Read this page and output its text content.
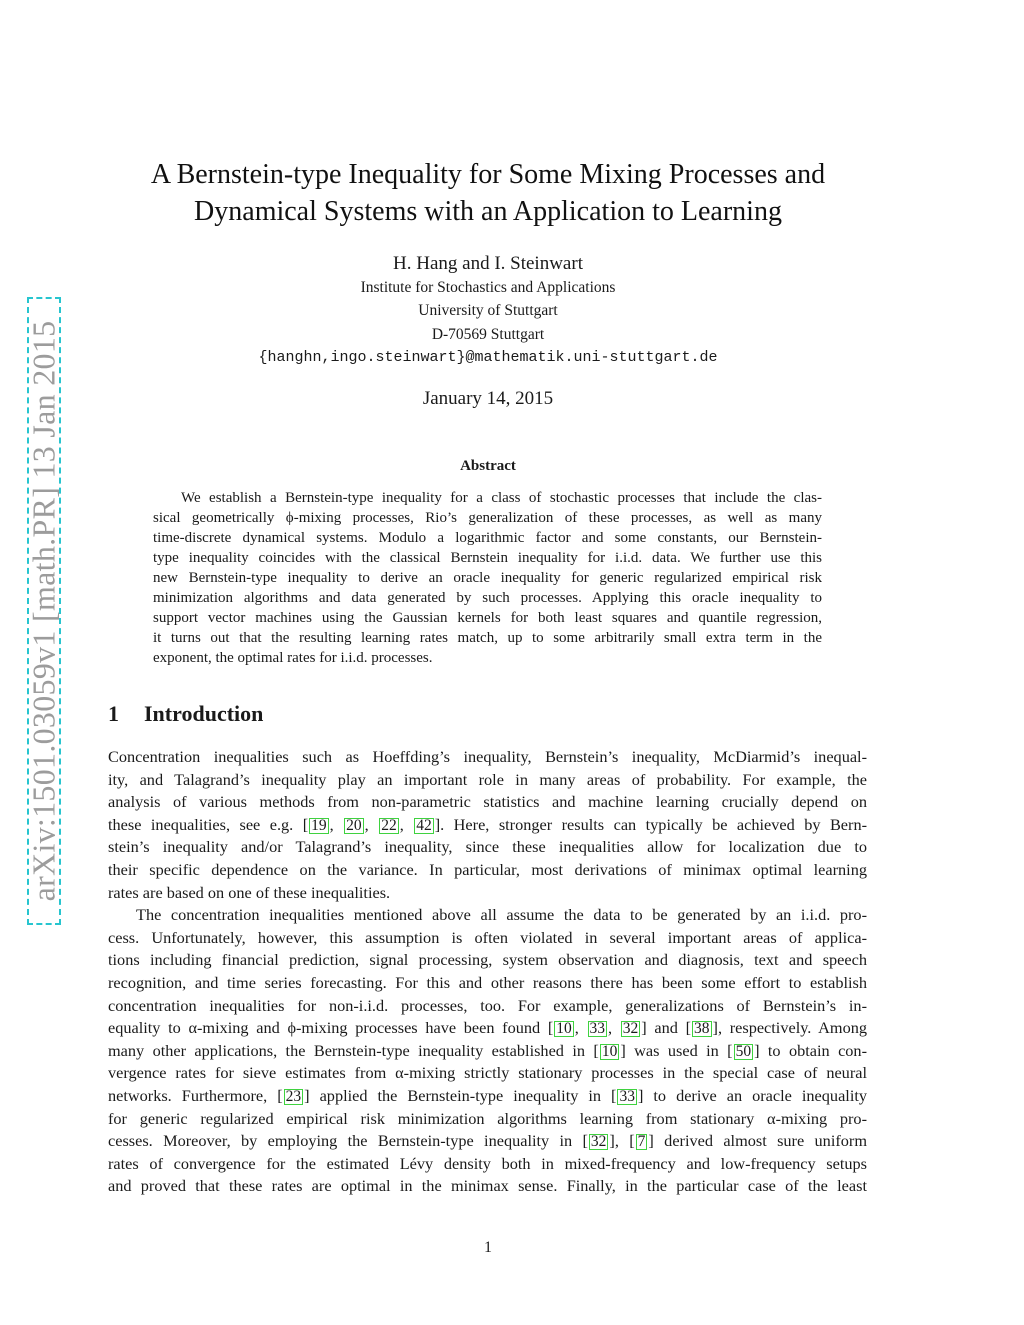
arXiv:1501.03059v1 [math.PR] 13 Jan 2015
A Bernstein-type Inequality for Some Mixing Processes and
Dynamical Systems with an Application to Learning
H. Hang and I. Steinwart
Institute for Stochastics and Applications
University of Stuttgart
D-70569 Stuttgart
{hanghn,ingo.steinwart}@mathematik.uni-stuttgart.de
January 14, 2015
Abstract
We establish a Bernstein-type inequality for a class of stochastic processes that include the clas-
sical geometrically ϕ-mixing processes, Rio’s generalization of these processes, as well as many
time-discrete dynamical systems. Modulo a logarithmic factor and some constants, our Bernstein-
type inequality coincides with the classical Bernstein inequality for i.i.d. data. We further use this
new Bernstein-type inequality to derive an oracle inequality for generic regularized empirical risk
minimization algorithms and data generated by such processes. Applying this oracle inequality to
support vector machines using the Gaussian kernels for both least squares and quantile regression,
it turns out that the resulting learning rates match, up to some arbitrarily small extra term in the
exponent, the optimal rates for i.i.d. processes.
1 Introduction
Concentration inequalities such as Hoeffding’s inequality, Bernstein’s inequality, McDiarmid’s inequal-
ity, and Talagrand’s inequality play an important role in many areas of probability. For example, the
analysis of various methods from non-parametric statistics and machine learning crucially depend on
these inequalities, see e.g. [ 19 , 20 , 22 , 42 ]. Here, stronger results can typically be achieved by Bern-
stein’s inequality and/or Talagrand’s inequality, since these inequalities allow for localization due to
their specific dependence on the variance. In particular, most derivations of minimax optimal learning
rates are based on one of these inequalities.
The concentration inequalities mentioned above all assume the data to be generated by an i.i.d. pro-
cess. Unfortunately, however, this assumption is often violated in several important areas of applica-
tions including financial prediction, signal processing, system observation and diagnosis, text and speech
recognition, and time series forecasting. For this and other reasons there has been some effort to establish
concentration inequalities for non-i.i.d. processes, too. For example, generalizations of Bernstein’s in-
equality to α-mixing and ϕ-mixing processes have been found [ 10 , 33 , 32 ] and [ 38 ], respectively. Among
many other applications, the Bernstein-type inequality established in [ 10 ] was used in [ 50 ] to obtain con-
vergence rates for sieve estimates from α-mixing strictly stationary processes in the special case of neural
networks. Furthermore, [ 23 ] applied the Bernstein-type inequality in [ 33 ] to derive an oracle inequality
for generic regularized empirical risk minimization algorithms learning from stationary α-mixing pro-
cesses. Moreover, by employing the Bernstein-type inequality in [ 32 ], [ 7 ] derived almost sure uniform
rates of convergence for the estimated Lévy density both in mixed-frequency and low-frequency setups
and proved that these rates are optimal in the minimax sense. Finally, in the particular case of the least
1
